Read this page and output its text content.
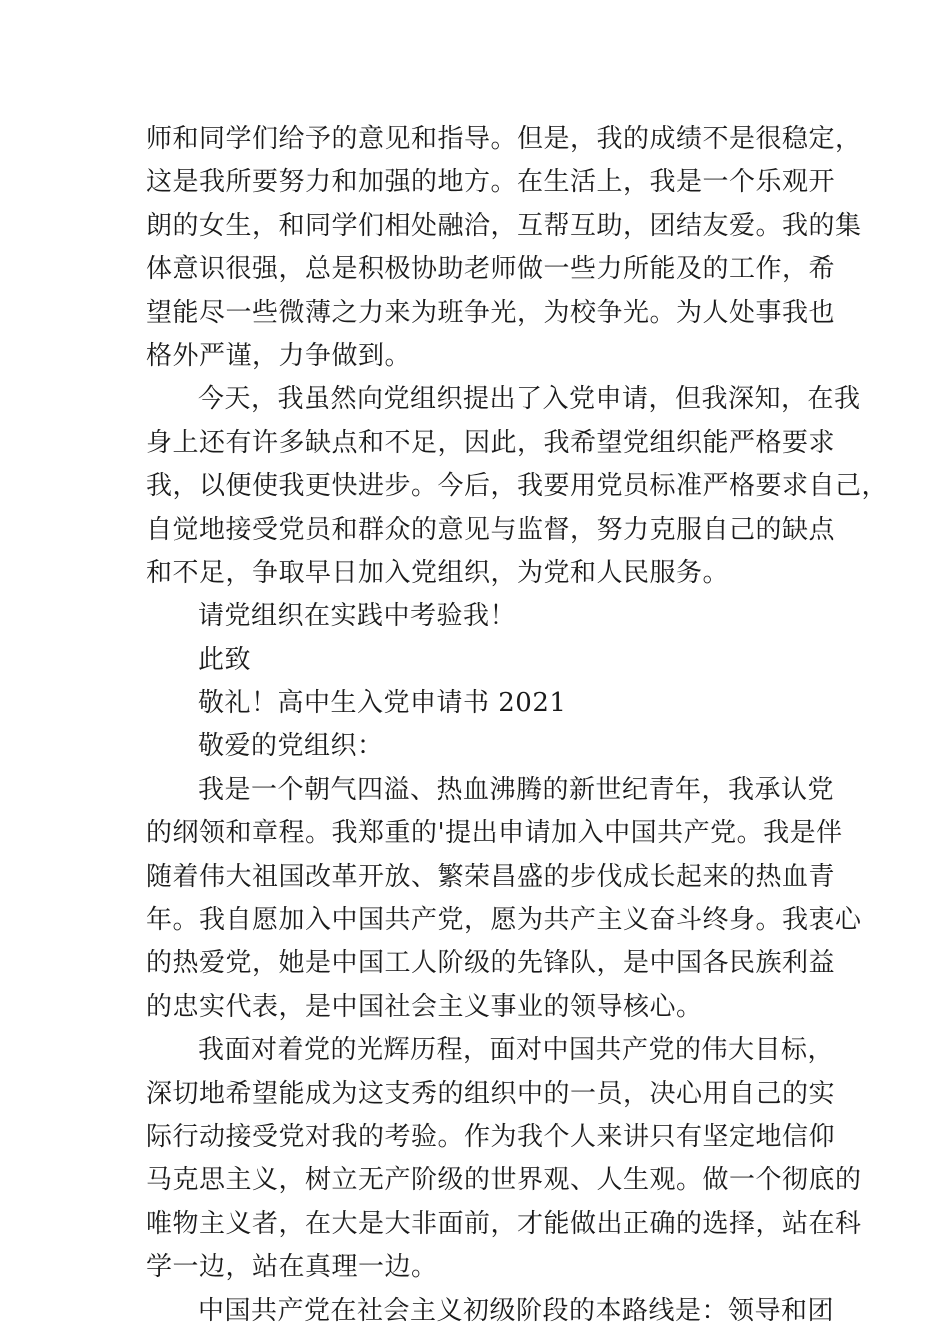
师和同学们给予的意见和指导。但是，我的成绩不是很稳定，
这是我所要努力和加强的地方。在生活上，我是一个乐观开
朗的女生，和同学们相处融洽，互帮互助，团结友爱。我的集
体意识很强，总是积极协助老师做一些力所能及的工作，希
望能尽一些微薄之力来为班争光，为校争光。为人处事我也
格外严谨，力争做到。
今天，我虽然向党组织提出了入党申请，但我深知，在我
身上还有许多缺点和不足，因此，我希望党组织能严格要求
我，以便使我更快进步。今后，我要用党员标准严格要求自己，
自觉地接受党员和群众的意见与监督，努力克服自己的缺点
和不足，争取早日加入党组织，为党和人民服务。
请党组织在实践中考验我！
此致
敬礼！高中生入党申请书 2021
敬爱的党组织：
我是一个朝气四溢、热血沸腾的新世纪青年，我承认党
的纲领和章程。我郑重的'提出申请加入中国共产党。我是伴
随着伟大祖国改革开放、繁荣昌盛的步伐成长起来的热血青
年。我自愿加入中国共产党，愿为共产主义奋斗终身。我衷心
的热爱党，她是中国工人阶级的先锋队，是中国各民族利益
的忠实代表，是中国社会主义事业的领导核心。
我面对着党的光辉历程，面对中国共产党的伟大目标，
深切地希望能成为这支秀的组织中的一员，决心用自己的实
际行动接受党对我的考验。作为我个人来讲只有坚定地信仰
马克思主义，树立无产阶级的世界观、人生观。做一个彻底的
唯物主义者，在大是大非面前，才能做出正确的选择，站在科
学一边，站在真理一边。
中国共产党在社会主义初级阶段的本路线是：领导和团
